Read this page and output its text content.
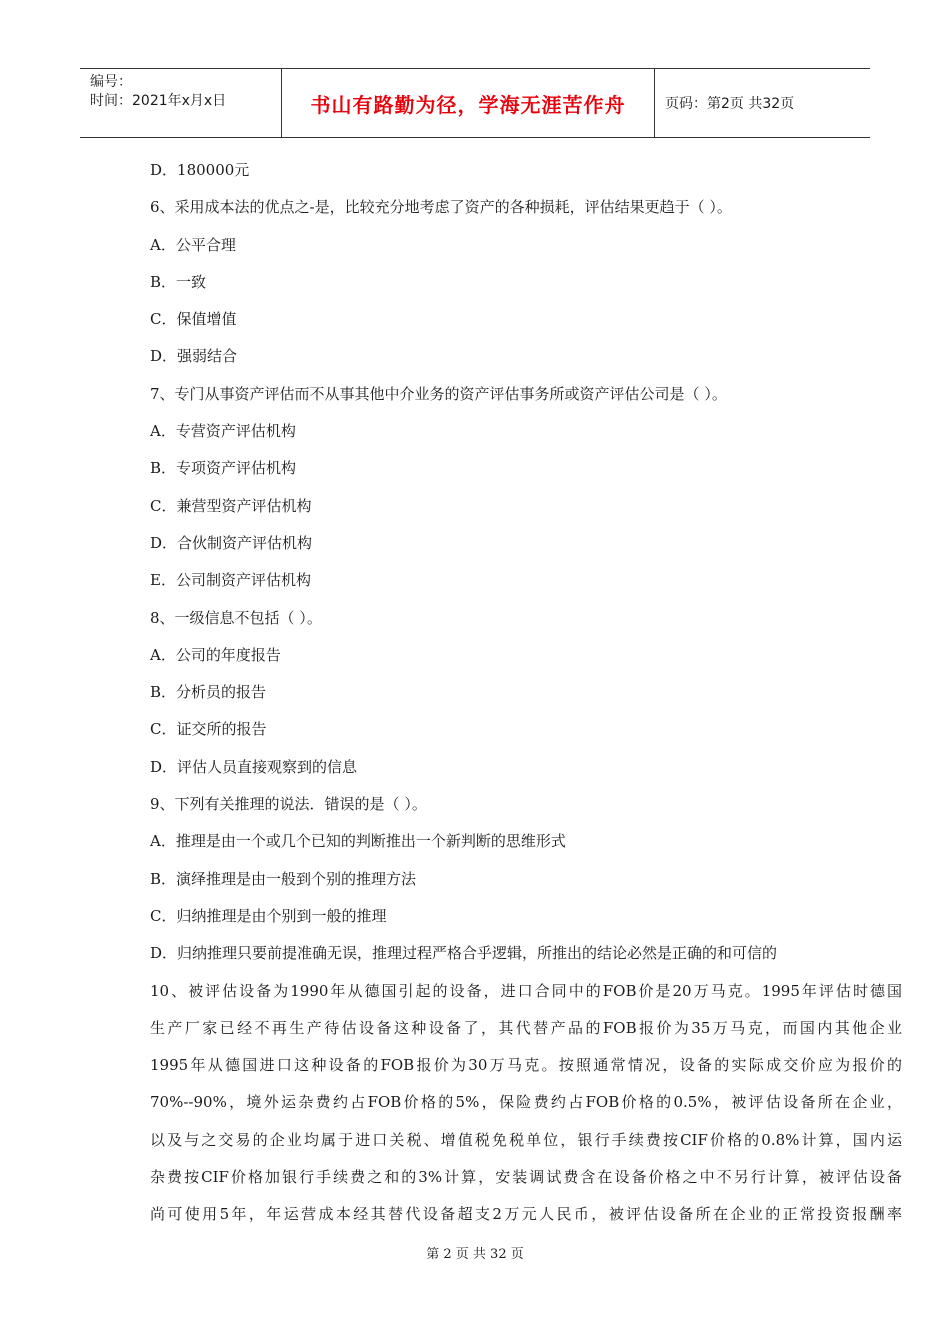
编号：
时间：2021年x月x日	书山有路勤为径，学海无涯苦作舟	页码：第2页 共32页
D．180000元
6、采用成本法的优点之-是，比较充分地考虑了资产的各种损耗，评估结果更趋于（ ）。
A．公平合理
B．一致
C．保值增值
D．强弱结合
7、专门从事资产评估而不从事其他中介业务的资产评估事务所或资产评估公司是（ ）。
A．专营资产评估机构
B．专项资产评估机构
C．兼营型资产评估机构
D．合伙制资产评估机构
E．公司制资产评估机构
8、一级信息不包括（ ）。
A．公司的年度报告
B．分析员的报告
C．证交所的报告
D．评估人员直接观察到的信息
9、下列有关推理的说法．错误的是（ ）。
A．推理是由一个或几个已知的判断推出一个新判断的思维形式
B．演绎推理是由一般到个别的推理方法
C．归纳推理是由个别到一般的推理
D．归纳推理只要前提准确无误，推理过程严格合乎逻辑，所推出的结论必然是正确的和可信的

10、被评估设备为1990年从德国引起的设备，进口合同中的FOB价是20万马克。1995年评估时德国
生产厂家已经不再生产待估设备这种设备了，其代替产品的FOB报价为35万马克，而国内其他企业
1995年从德国进口这种设备的FOB报价为30万马克。按照通常情况，设备的实际成交价应为报价的
70%--90%，境外运杂费约占FOB价格的5%，保险费约占FOB价格的0.5%，被评估设备所在企业，
以及与之交易的企业均属于进口关税、增值税免税单位，银行手续费按CIF价格的0.8%计算，国内运
杂费按CIF价格加银行手续费之和的3%计算，安装调试费含在设备价格之中不另行计算，被评估设备
尚可使用5年，年运营成本经其替代设备超支2万元人民币，被评估设备所在企业的正常投资报酬率

第 2 页 共 32 页
